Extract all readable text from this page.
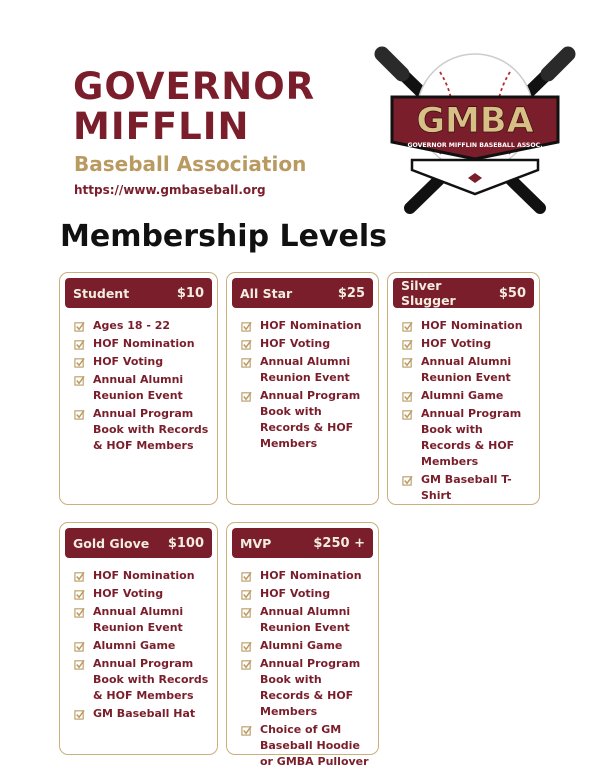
GOVERNOR
MIFFLIN
Baseball Association
https://www.gmbaseball.org
GMBA
GOVERNOR MIFFLIN BASEBALL ASSOC.
Membership Levels
Student	$10
Ages 18 - 22
HOF Nomination
HOF Voting
Annual Alumni Reunion Event
Annual Program Book with Records & HOF Members
All Star	$25
HOF Nomination
HOF Voting
Annual Alumni Reunion Event
Annual Program Book with Records & HOF Members
Silver Slugger	$50
HOF Nomination
HOF Voting
Annual Alumni Reunion Event
Alumni Game
Annual Program Book with Records & HOF Members
GM Baseball T-Shirt
Gold Glove $100
HOF Nomination
HOF Voting
Annual Alumni Reunion Event
Alumni Game
Annual Program Book with Records & HOF Members
GM Baseball Hat
MVP	$250 +
HOF Nomination
HOF Voting
Annual Alumni Reunion Event
Alumni Game
Annual Program Book with Records & HOF Members
Choice of GM Baseball Hoodie or GMBA Pullover
